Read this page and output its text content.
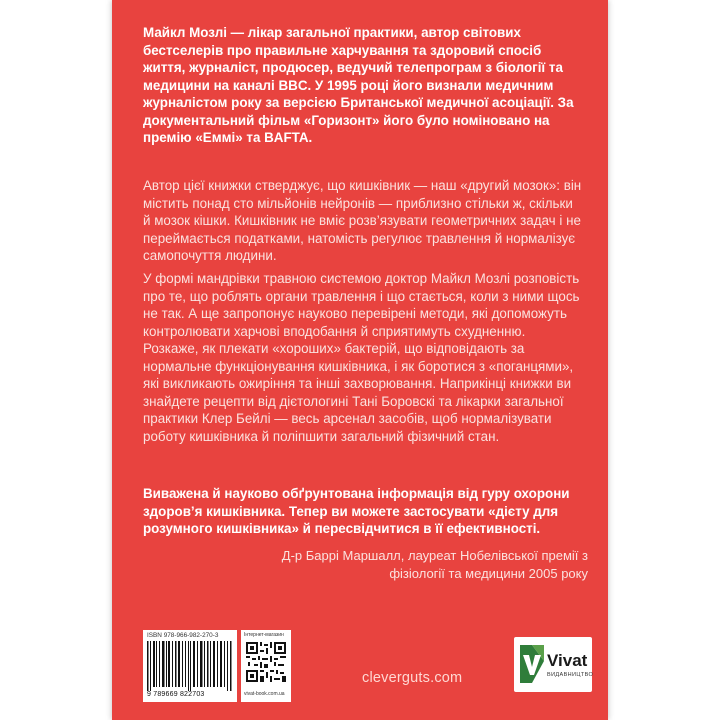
Майкл Мозлі — лікар загальної практики, автор світових бестселерів про правильне харчування та здоровий спосіб життя, журналіст, продюсер, ведучий телепрограм з біології та медицини на каналі BBC. У 1995 році його визнали медичним журналістом року за версією Британської медичної асоціації. За документальний фільм «Горизонт» його було номіновано на премію «Еммі» та BAFTA.
Автор цієї книжки стверджує, що кишківник — наш «другий мозок»: він містить понад сто мільйонів нейронів — приблизно стільки ж, скільки й мозок кішки. Кишківник не вміє розв’язувати геометричних задач і не переймається податками, натомість регулює травлення й нормалізує самопочуття людини.
У формі мандрівки травною системою доктор Майкл Мозлі розповість про те, що роблять органи травлення і що стається, коли з ними щось не так. А ще запропонує науково перевірені методи, які допоможуть контролювати харчові вподобання й сприятимуть схудненню. Розкаже, як плекати «хороших» бактерій, що відповідають за нормальне функціонування кишківника, і як боротися з «поганцями», які викликають ожиріння та інші захворювання. Наприкінці книжки ви знайдете рецепти від дієтологині Тані Боровскі та лікарки загальної практики Клер Бейлі — весь арсенал засобів, щоб нормалізувати роботу кишківника й поліпшити загальний фізичний стан.
Виважена й науково обґрунтована інформація від гуру охорони здоров’я кишківника. Тепер ви можете застосувати «дієту для розумного кишківника» й пересвідчитися в її ефективності.
Д-р Баррі Маршалл, лауреат Нобелівської премії з фізіології та медицини 2005 року
ISBN 978-966-982-270-3
9 789669 822703
Інтернет-магазин
vivat-book.com.ua
cleverguts.com
Vivat
ВИДАВНИЦТВО
